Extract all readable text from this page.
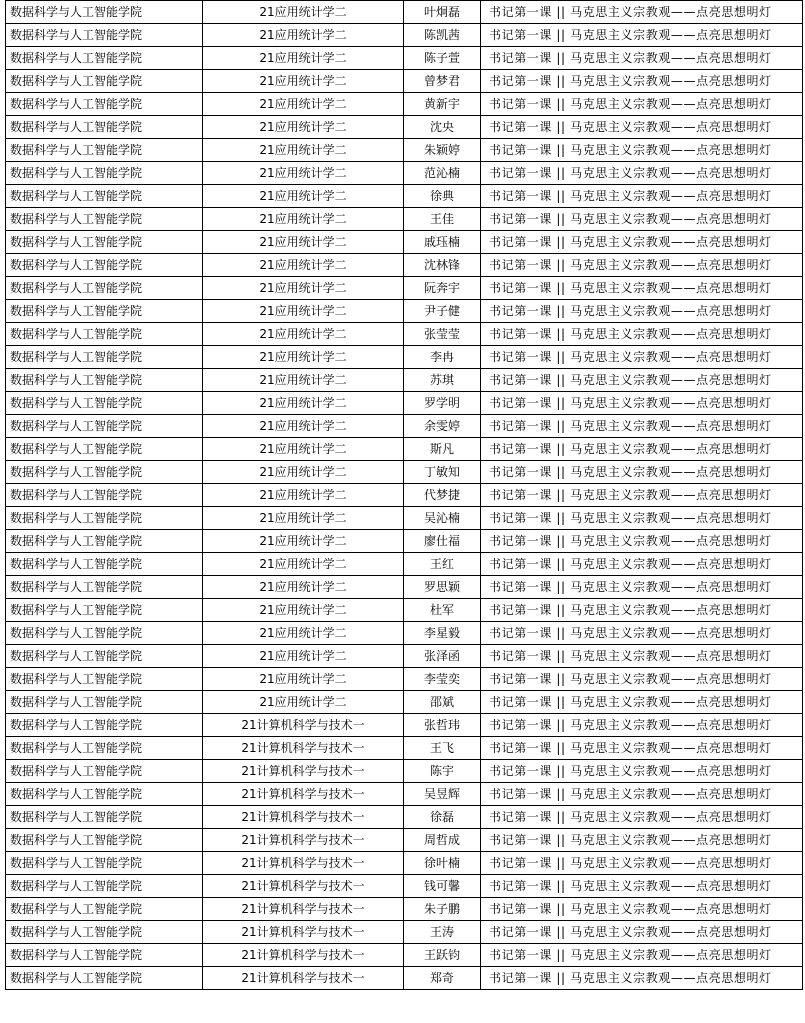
数据科学与人工智能学院	21应用统计学二	叶炯磊	书记第一课 || 马克思主义宗教观——点亮思想明灯
数据科学与人工智能学院	21应用统计学二	陈凯茜	书记第一课 || 马克思主义宗教观——点亮思想明灯
数据科学与人工智能学院	21应用统计学二	陈子萱	书记第一课 || 马克思主义宗教观——点亮思想明灯
数据科学与人工智能学院	21应用统计学二	曾梦君	书记第一课 || 马克思主义宗教观——点亮思想明灯
数据科学与人工智能学院	21应用统计学二	黄新宇	书记第一课 || 马克思主义宗教观——点亮思想明灯
数据科学与人工智能学院	21应用统计学二	沈央	书记第一课 || 马克思主义宗教观——点亮思想明灯
数据科学与人工智能学院	21应用统计学二	朱颖婷	书记第一课 || 马克思主义宗教观——点亮思想明灯
数据科学与人工智能学院	21应用统计学二	范沁楠	书记第一课 || 马克思主义宗教观——点亮思想明灯
数据科学与人工智能学院	21应用统计学二	徐典	书记第一课 || 马克思主义宗教观——点亮思想明灯
数据科学与人工智能学院	21应用统计学二	王佳	书记第一课 || 马克思主义宗教观——点亮思想明灯
数据科学与人工智能学院	21应用统计学二	戚珏楠	书记第一课 || 马克思主义宗教观——点亮思想明灯
数据科学与人工智能学院	21应用统计学二	沈林锋	书记第一课 || 马克思主义宗教观——点亮思想明灯
数据科学与人工智能学院	21应用统计学二	阮奔宇	书记第一课 || 马克思主义宗教观——点亮思想明灯
数据科学与人工智能学院	21应用统计学二	尹子健	书记第一课 || 马克思主义宗教观——点亮思想明灯
数据科学与人工智能学院	21应用统计学二	张莹莹	书记第一课 || 马克思主义宗教观——点亮思想明灯
数据科学与人工智能学院	21应用统计学二	李冉	书记第一课 || 马克思主义宗教观——点亮思想明灯
数据科学与人工智能学院	21应用统计学二	苏琪	书记第一课 || 马克思主义宗教观——点亮思想明灯
数据科学与人工智能学院	21应用统计学二	罗学明	书记第一课 || 马克思主义宗教观——点亮思想明灯
数据科学与人工智能学院	21应用统计学二	余雯婷	书记第一课 || 马克思主义宗教观——点亮思想明灯
数据科学与人工智能学院	21应用统计学二	斯凡	书记第一课 || 马克思主义宗教观——点亮思想明灯
数据科学与人工智能学院	21应用统计学二	丁敏知	书记第一课 || 马克思主义宗教观——点亮思想明灯
数据科学与人工智能学院	21应用统计学二	代梦捷	书记第一课 || 马克思主义宗教观——点亮思想明灯
数据科学与人工智能学院	21应用统计学二	吴沁楠	书记第一课 || 马克思主义宗教观——点亮思想明灯
数据科学与人工智能学院	21应用统计学二	廖仕福	书记第一课 || 马克思主义宗教观——点亮思想明灯
数据科学与人工智能学院	21应用统计学二	王红	书记第一课 || 马克思主义宗教观——点亮思想明灯
数据科学与人工智能学院	21应用统计学二	罗思颖	书记第一课 || 马克思主义宗教观——点亮思想明灯
数据科学与人工智能学院	21应用统计学二	杜军	书记第一课 || 马克思主义宗教观——点亮思想明灯
数据科学与人工智能学院	21应用统计学二	李星毅	书记第一课 || 马克思主义宗教观——点亮思想明灯
数据科学与人工智能学院	21应用统计学二	张泽函	书记第一课 || 马克思主义宗教观——点亮思想明灯
数据科学与人工智能学院	21应用统计学二	李莹奕	书记第一课 || 马克思主义宗教观——点亮思想明灯
数据科学与人工智能学院	21应用统计学二	邵斌	书记第一课 || 马克思主义宗教观——点亮思想明灯
数据科学与人工智能学院	21计算机科学与技术一	张哲玮	书记第一课 || 马克思主义宗教观——点亮思想明灯
数据科学与人工智能学院	21计算机科学与技术一	王飞	书记第一课 || 马克思主义宗教观——点亮思想明灯
数据科学与人工智能学院	21计算机科学与技术一	陈宇	书记第一课 || 马克思主义宗教观——点亮思想明灯
数据科学与人工智能学院	21计算机科学与技术一	吴昱辉	书记第一课 || 马克思主义宗教观——点亮思想明灯
数据科学与人工智能学院	21计算机科学与技术一	徐磊	书记第一课 || 马克思主义宗教观——点亮思想明灯
数据科学与人工智能学院	21计算机科学与技术一	周哲成	书记第一课 || 马克思主义宗教观——点亮思想明灯
数据科学与人工智能学院	21计算机科学与技术一	徐叶楠	书记第一课 || 马克思主义宗教观——点亮思想明灯
数据科学与人工智能学院	21计算机科学与技术一	钱可馨	书记第一课 || 马克思主义宗教观——点亮思想明灯
数据科学与人工智能学院	21计算机科学与技术一	朱子鹏	书记第一课 || 马克思主义宗教观——点亮思想明灯
数据科学与人工智能学院	21计算机科学与技术一	王涛	书记第一课 || 马克思主义宗教观——点亮思想明灯
数据科学与人工智能学院	21计算机科学与技术一	王跃钧	书记第一课 || 马克思主义宗教观——点亮思想明灯
数据科学与人工智能学院	21计算机科学与技术一	郑奇	书记第一课 || 马克思主义宗教观——点亮思想明灯
